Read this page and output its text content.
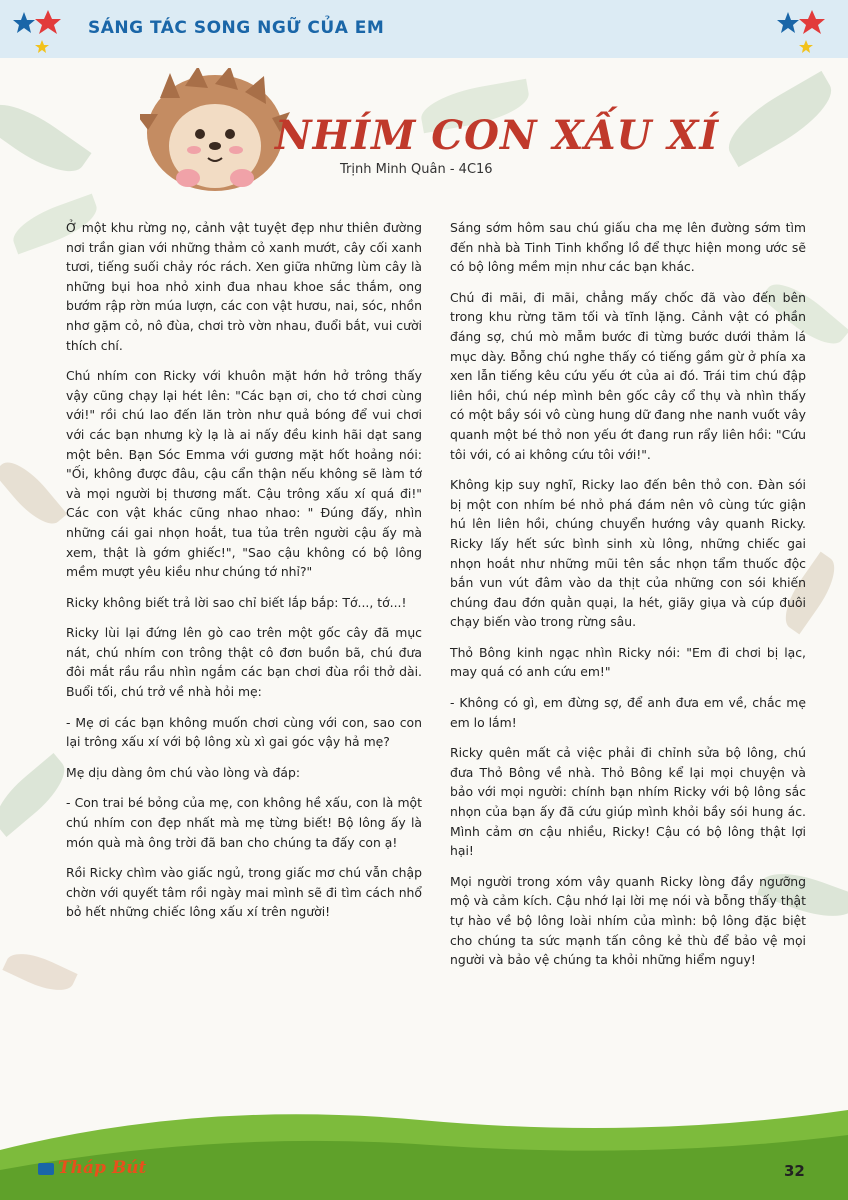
SÁNG TÁC SONG NGỮ CỦA EM
NHÍM CON XẤU XÍ
Trịnh Minh Quân - 4C16

Ở một khu rừng nọ, cảnh vật tuyệt đẹp như thiên đường nơi trần gian với những thảm cỏ xanh mướt, cây cối xanh tươi, tiếng suối chảy róc rách. Xen giữa những lùm cây là những bụi hoa nhỏ xinh đua nhau khoe sắc thắm, ong bướm rập rờn múa lượn, các con vật hươu, nai, sóc, nhồn nhơ gặm cỏ, nô đùa, chơi trò vờn nhau, đuổi bắt, vui cười thích chí.

Chú nhím con Ricky với khuôn mặt hớn hở trông thấy vậy cũng chạy lại hét lên: "Các bạn ơi, cho tớ chơi cùng với!" rồi chú lao đến lăn tròn như quả bóng để vui chơi với các bạn nhưng kỳ lạ là ai nấy đều kinh hãi dạt sang một bên. Bạn Sóc Emma với gương mặt hốt hoảng nói: "Ối, không được đâu, cậu cẩn thận nếu không sẽ làm tớ và mọi người bị thương mất. Cậu trông xấu xí quá đi!" Các con vật khác cũng nhao nhao: " Đúng đấy, nhìn những cái gai nhọn hoắt, tua tủa trên người cậu ấy mà xem, thật là gớm ghiếc!", "Sao cậu không có bộ lông mềm mượt yêu kiều như chúng tớ nhỉ?"

Ricky không biết trả lời sao chỉ biết lắp bắp: Tớ..., tớ...!

Ricky lùi lại đứng lên gò cao trên một gốc cây đã mục nát, chú nhím con trông thật cô đơn buồn bã, chú đưa đôi mắt rầu rầu nhìn ngắm các bạn chơi đùa rồi thở dài. Buổi tối, chú trở về nhà hỏi mẹ:

- Mẹ ơi các bạn không muốn chơi cùng với con, sao con lại trông xấu xí với bộ lông xù xì gai góc vậy hả mẹ?

Mẹ dịu dàng ôm chú vào lòng và đáp:

- Con trai bé bỏng của mẹ, con không hề xấu, con là một chú nhím con đẹp nhất mà mẹ từng biết! Bộ lông ấy là món quà mà ông trời đã ban cho chúng ta đấy con ạ!

Rồi Ricky chìm vào giấc ngủ, trong giấc mơ chú vẫn chập chờn với quyết tâm rồi ngày mai mình sẽ đi tìm cách nhổ bỏ hết những chiếc lông xấu xí trên người!

Sáng sớm hôm sau chú giấu cha mẹ lên đường sớm tìm đến nhà bà Tinh Tinh khổng lồ để thực hiện mong ước sẽ có bộ lông mềm mịn như các bạn khác.

Chú đi mãi, đi mãi, chẳng mấy chốc đã vào đến bên trong khu rừng tăm tối và tĩnh lặng. Cảnh vật có phần đáng sợ, chú mò mẫm bước đi từng bước dưới thảm lá mục dày. Bỗng chú nghe thấy có tiếng gầm gừ ở phía xa xen lẫn tiếng kêu cứu yếu ớt của ai đó. Trái tim chú đập liên hồi, chú nép mình bên gốc cây cổ thụ và nhìn thấy có một bầy sói vô cùng hung dữ đang nhe nanh vuốt vây quanh một bé thỏ non yếu ớt đang run rẩy liên hồi: "Cứu tôi với, có ai không cứu tôi với!".

Không kịp suy nghĩ, Ricky lao đến bên thỏ con. Đàn sói bị một con nhím bé nhỏ phá đám nên vô cùng tức giận hú lên liên hồi, chúng chuyển hướng vây quanh Ricky. Ricky lấy hết sức bình sinh xù lông, những chiếc gai nhọn hoắt như những mũi tên sắc nhọn tẩm thuốc độc bắn vun vút đâm vào da thịt của những con sói khiến chúng đau đớn quằn quại, la hét, giãy giụa và cúp đuôi chạy biến vào trong rừng sâu.

Thỏ Bông kinh ngạc nhìn Ricky nói: "Em đi chơi bị lạc, may quá có anh cứu em!"

- Không có gì, em đừng sợ, để anh đưa em về, chắc mẹ em lo lắm!

Ricky quên mất cả việc phải đi chỉnh sửa bộ lông, chú đưa Thỏ Bông về nhà. Thỏ Bông kể lại mọi chuyện và bảo với mọi người: chính bạn nhím Ricky với bộ lông sắc nhọn của bạn ấy đã cứu giúp mình khỏi bầy sói hung ác. Mình cảm ơn cậu nhiều, Ricky! Cậu có bộ lông thật lợi hại!

Mọi người trong xóm vây quanh Ricky lòng đầy ngưỡng mộ và cảm kích. Cậu nhớ lại lời mẹ nói và bỗng thấy thật tự hào về bộ lông loài nhím của mình: bộ lông đặc biệt cho chúng ta sức mạnh tấn công kẻ thù để bảo vệ mọi người và bảo vệ chúng ta khỏi những hiểm nguy!

Tháp Bút	32
